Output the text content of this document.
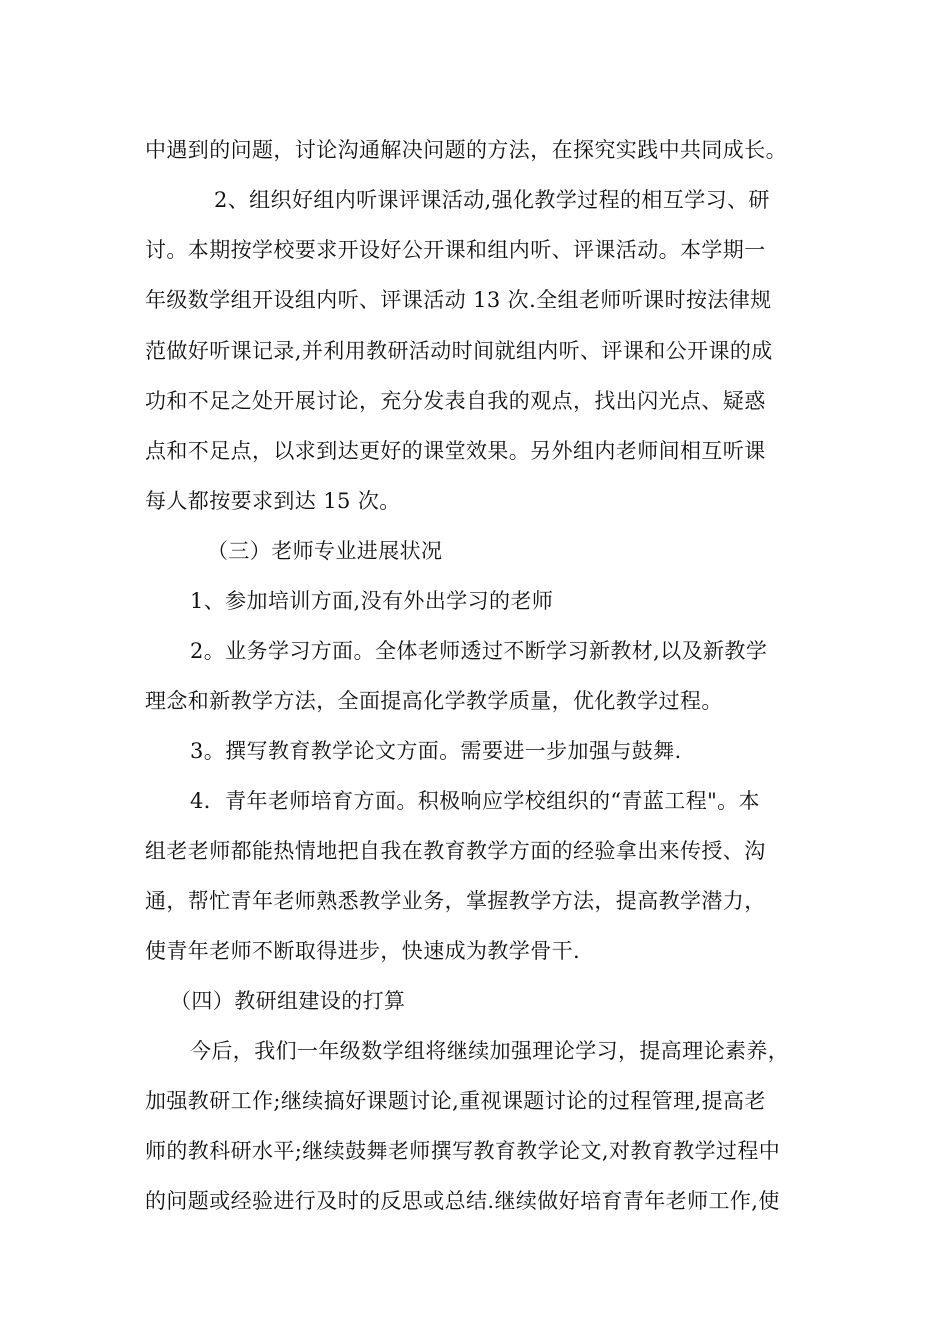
中遇到的问题，讨论沟通解决问题的方法，在探究实践中共同成长。
2、组织好组内听课评课活动,强化教学过程的相互学习、研
讨。本期按学校要求开设好公开课和组内听、评课活动。本学期一
年级数学组开设组内听、评课活动 13 次.全组老师听课时按法律规
范做好听课记录,并利用教研活动时间就组内听、评课和公开课的成
功和不足之处开展讨论，充分发表自我的观点，找出闪光点、疑惑
点和不足点，以求到达更好的课堂效果。另外组内老师间相互听课
每人都按要求到达 15 次。
（三）老师专业进展状况
1、参加培训方面,没有外出学习的老师
2。业务学习方面。全体老师透过不断学习新教材,以及新教学
理念和新教学方法，全面提高化学教学质量，优化教学过程。
3。撰写教育教学论文方面。需要进一步加强与鼓舞.
4．青年老师培育方面。积极响应学校组织的“青蓝工程"。本
组老老师都能热情地把自我在教育教学方面的经验拿出来传授、沟
通，帮忙青年老师熟悉教学业务，掌握教学方法，提高教学潜力，
使青年老师不断取得进步，快速成为教学骨干.
（四）教研组建设的打算
今后，我们一年级数学组将继续加强理论学习，提高理论素养，
加强教研工作;继续搞好课题讨论,重视课题讨论的过程管理,提高老
师的教科研水平;继续鼓舞老师撰写教育教学论文,对教育教学过程中
的问题或经验进行及时的反思或总结.继续做好培育青年老师工作,使
